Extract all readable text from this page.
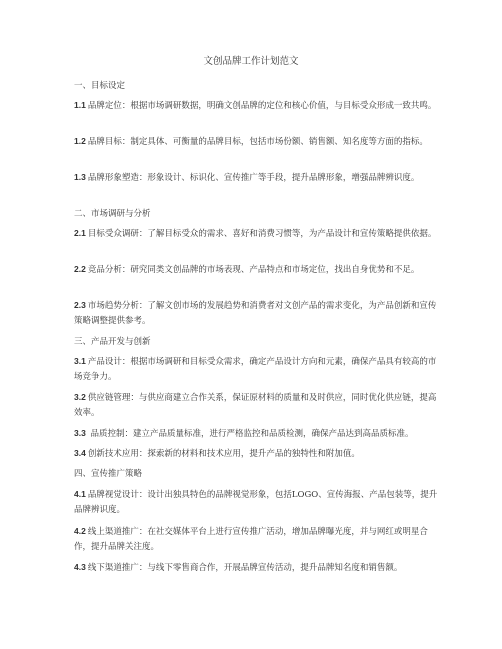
文创品牌工作计划范文
一、目标设定
1.1 品牌定位：根据市场调研数据，明确文创品牌的定位和核心价值，与目标受众形成一致共鸣。
1.2 品牌目标：制定具体、可衡量的品牌目标，包括市场份额、销售额、知名度等方面的指标。
1.3 品牌形象塑造：形象设计、标识化、宣传推广等手段，提升品牌形象，增强品牌辨识度。
二、市场调研与分析
2.1 目标受众调研：了解目标受众的需求、喜好和消费习惯等，为产品设计和宣传策略提供依据。
2.2 竞品分析：研究同类文创品牌的市场表现、产品特点和市场定位，找出自身优势和不足。
2.3 市场趋势分析：了解文创市场的发展趋势和消费者对文创产品的需求变化，为产品创新和宣传策略调整提供参考。
三、产品开发与创新
3.1 产品设计：根据市场调研和目标受众需求，确定产品设计方向和元素，确保产品具有较高的市场竞争力。
3.2 供应链管理：与供应商建立合作关系，保证原材料的质量和及时供应，同时优化供应链，提高效率。
3.3 品质控制：建立产品质量标准，进行严格监控和品质检测，确保产品达到高品质标准。
3.4 创新技术应用：探索新的材料和技术应用，提升产品的独特性和附加值。
四、宣传推广策略
4.1 品牌视觉设计：设计出独具特色的品牌视觉形象，包括LOGO、宣传海报、产品包装等，提升品牌辨识度。
4.2 线上渠道推广：在社交媒体平台上进行宣传推广活动，增加品牌曝光度，并与网红或明星合作，提升品牌关注度。
4.3 线下渠道推广：与线下零售商合作，开展品牌宣传活动，提升品牌知名度和销售额。
